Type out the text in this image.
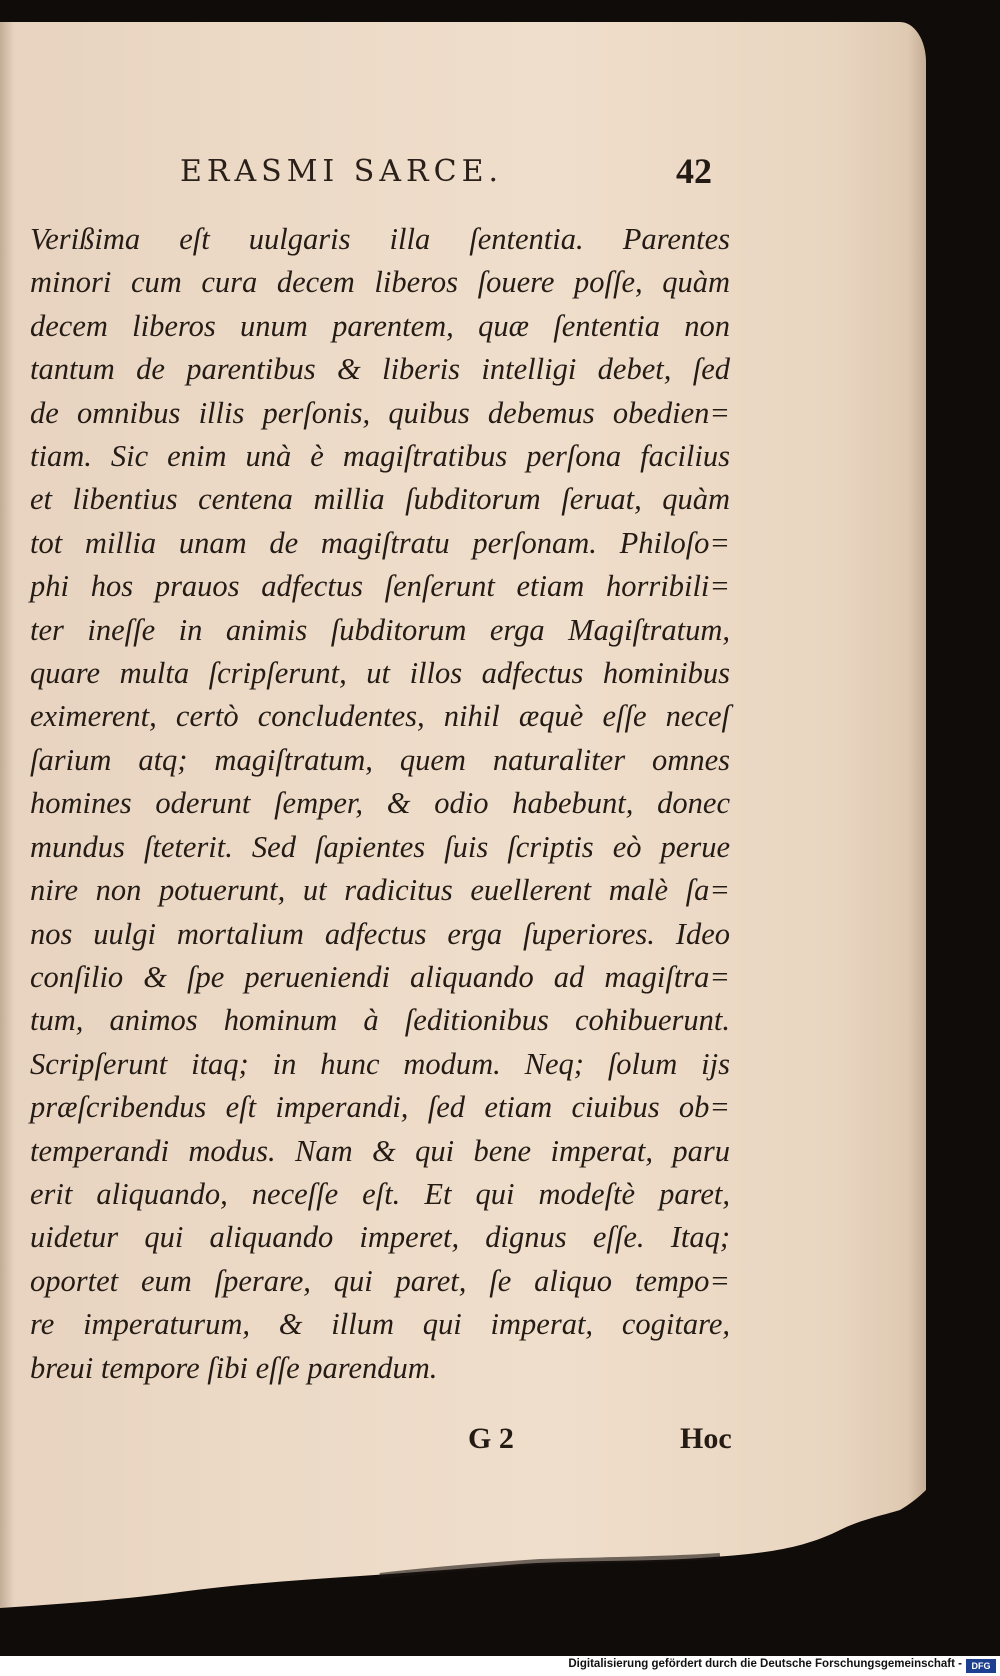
ERASMI SARCE.	42
Verißima eſt uulgaris illa ſententia. Parentes
minori cum cura decem liberos ſouere poſſe, quàm
decem liberos unum parentem, quæ ſententia non
tantum de parentibus & liberis intelligi debet, ſed
de omnibus illis perſonis, quibus debemus obedien=
tiam. Sic enim unà è magiſtratibus perſona facilius
et libentius centena millia ſubditorum ſeruat, quàm
tot millia unam de magiſtratu perſonam. Philoſo=
phi hos prauos adfectus ſenſerunt etiam horribili=
ter ineſſe in animis ſubditorum erga Magiſtratum,
quare multa ſcripſerunt, ut illos adfectus hominibus
eximerent, certò concludentes, nihil æquè eſſe neceſ
ſarium atq; magiſtratum, quem naturaliter omnes
homines oderunt ſemper, & odio habebunt, donec
mundus ſteterit. Sed ſapientes ſuis ſcriptis eò perue
nire non potuerunt, ut radicitus euellerent malè ſa=
nos uulgi mortalium adfectus erga ſuperiores. Ideo
conſilio & ſpe perueniendi aliquando ad magiſtra=
tum, animos hominum à ſeditionibus cohibuerunt.
Scripſerunt itaq; in hunc modum. Neq; ſolum ijs
præſcribendus eſt imperandi, ſed etiam ciuibus ob=
temperandi modus. Nam & qui bene imperat, paru
erit aliquando, neceſſe eſt. Et qui modeſtè paret,
uidetur qui aliquando imperet, dignus eſſe. Itaq;
oportet eum ſperare, qui paret, ſe aliquo tempo=
re imperaturum, & illum qui imperat, cogitare,
breui tempore ſibi eſſe parendum.
G 2	Hoc
Digitalisierung gefördert durch die Deutsche Forschungsgemeinschaft -	DFG
